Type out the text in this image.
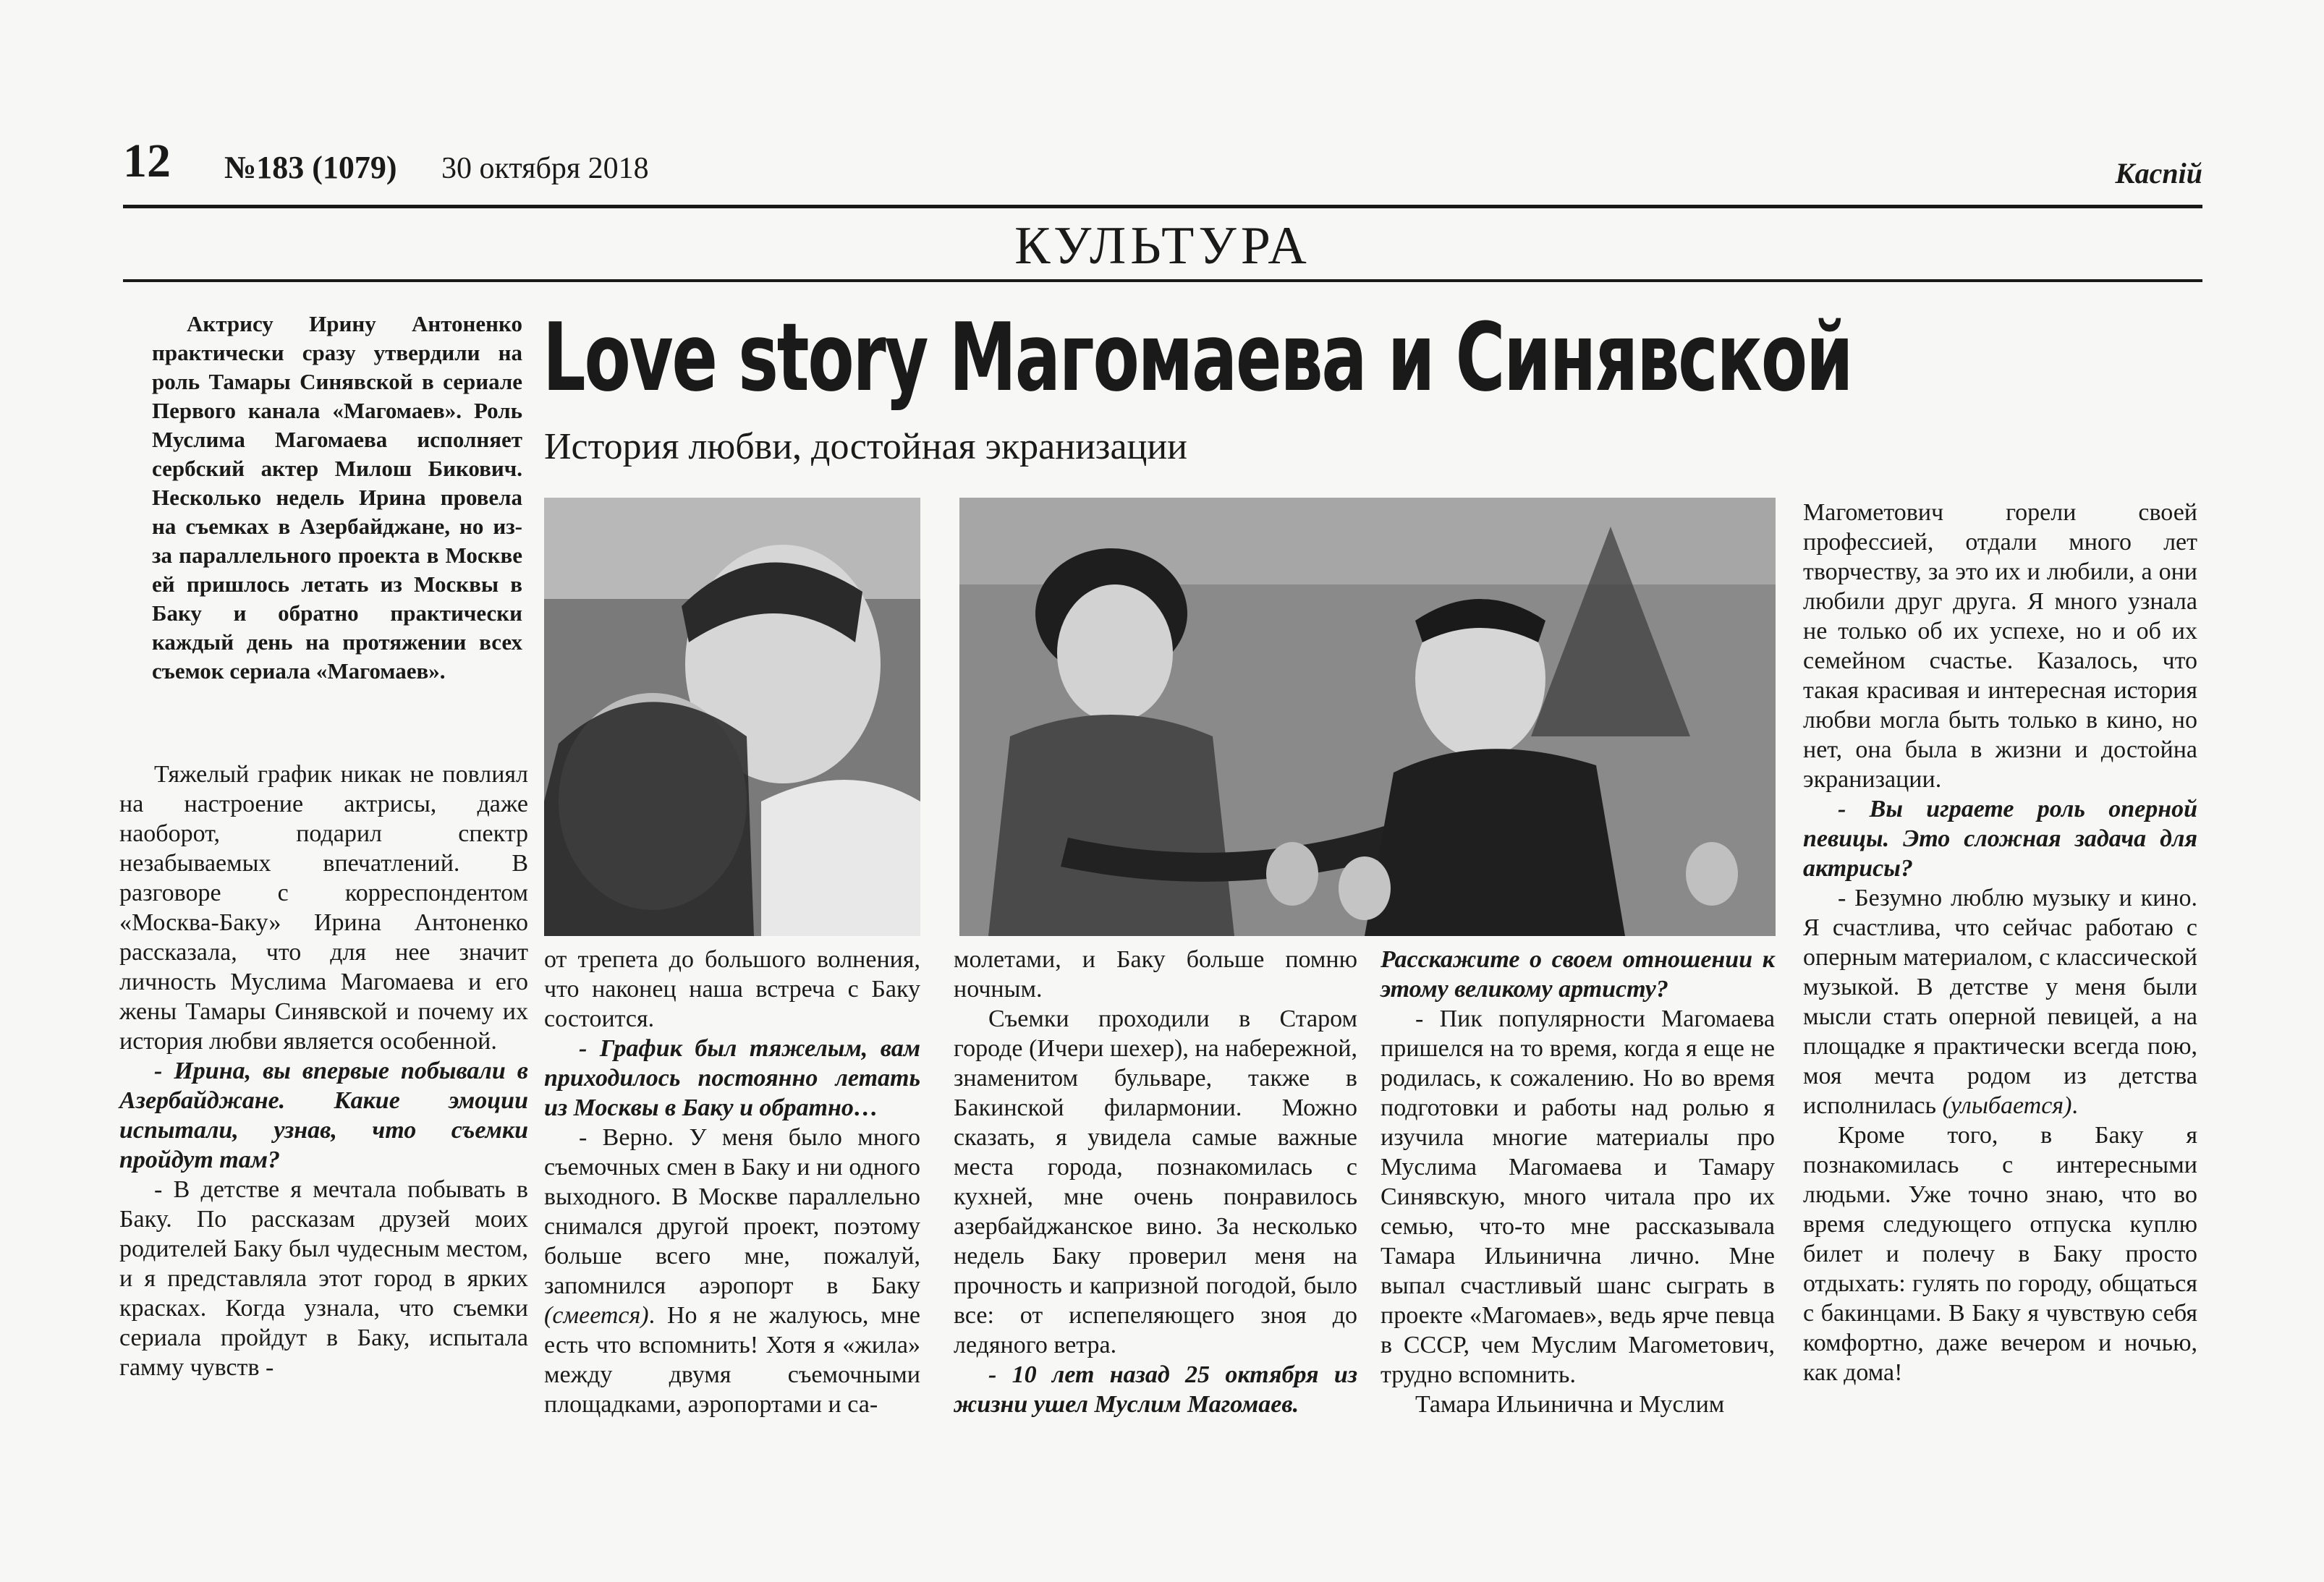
12 №183 (1079) 30 октября 2018	Каспiй
КУЛЬТУРА
Актрису Ирину Антоненко практически сразу утвердили на роль Тамары Синявской в сериале Первого канала «Магомаев». Роль Муслима Магомаева исполняет сербский актер Милош Бикович. Несколько недель Ирина провела на съемках в Азербайджане, но из-за параллельного проекта в Москве ей пришлось летать из Москвы в Баку и обратно практически каждый день на протяжении всех съемок сериала «Магомаев».
Love story Магомаева и Синявской
История любви, достойная экранизации

Тяжелый график никак не повлиял на настроение актрисы, даже наоборот, подарил спектр незабываемых впечатлений. В разговоре с корреспондентом «Москва-Баку» Ирина Антоненко рассказала, что для нее значит личность Муслима Магомаева и его жены Тамары Синявской и почему их история любви является особенной.

- Ирина, вы впервые побывали в Азербайджане. Какие эмоции испытали, узнав, что съемки пройдут там?

- В детстве я мечтала побывать в Баку. По рассказам друзей моих родителей Баку был чудесным местом, и я представляла этот город в ярких красках. Когда узнала, что съемки сериала пройдут в Баку, испытала гамму чувств -

от трепета до большого волнения, что наконец наша встреча с Баку состоится.

- График был тяжелым, вам приходилось постоянно летать из Москвы в Баку и обратно…

- Верно. У меня было много съемочных смен в Баку и ни одного выходного. В Москве параллельно снимался другой проект, поэтому больше всего мне, пожалуй, запомнился аэропорт в Баку (смеется). Но я не жалуюсь, мне есть что вспомнить! Хотя я «жила» между двумя съемочными площадками, аэропортами и са-

молетами, и Баку больше помню ночным.

Съемки проходили в Старом городе (Ичери шехер), на набережной, знаменитом бульваре, также в Бакинской филармонии. Можно сказать, я увидела самые важные места города, познакомилась с кухней, мне очень понравилось азербайджанское вино. За несколько недель Баку проверил меня на прочность и капризной погодой, было все: от испепеляющего зноя до ледяного ветра.

- 10 лет назад 25 октября из жизни ушел Муслим Магомаев.

Расскажите о своем отношении к этому великому артисту?

- Пик популярности Магомаева пришелся на то время, когда я еще не родилась, к сожалению. Но во время подготовки и работы над ролью я изучила многие материалы про Муслима Магомаева и Тамару Синявскую, много читала про их семью, что-то мне рассказывала Тамара Ильинична лично. Мне выпал счастливый шанс сыграть в проекте «Магомаев», ведь ярче певца в СССР, чем Муслим Магометович, трудно вспомнить.

Тамара Ильинична и Муслим

Магометович горели своей профессией, отдали много лет творчеству, за это их и любили, а они любили друг друга. Я много узнала не только об их успехе, но и об их семейном счастье. Казалось, что такая красивая и интересная история любви могла быть только в кино, но нет, она была в жизни и достойна экранизации.

- Вы играете роль оперной певицы. Это сложная задача для актрисы?

- Безумно люблю музыку и кино. Я счастлива, что сейчас работаю с оперным материалом, с классической музыкой. В детстве у меня были мысли стать оперной певицей, а на площадке я практически всегда пою, моя мечта родом из детства исполнилась (улыбается).

Кроме того, в Баку я познакомилась с интересными людьми. Уже точно знаю, что во время следующего отпуска куплю билет и полечу в Баку просто отдыхать: гулять по городу, общаться с бакинцами. В Баку я чувствую себя комфортно, даже вечером и ночью, как дома!
